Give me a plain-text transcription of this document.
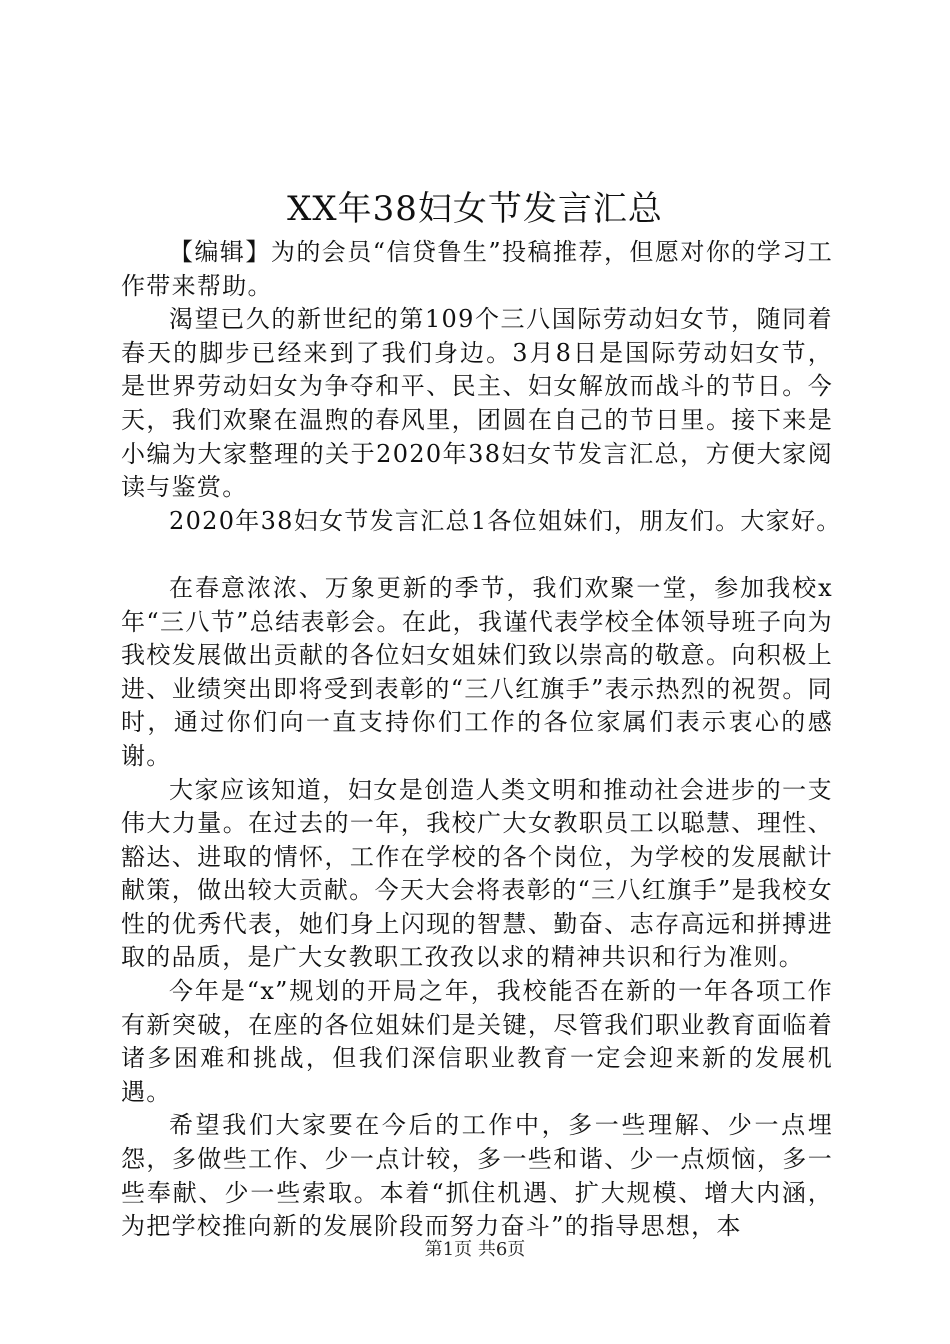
XX年38妇女节发言汇总

【编辑】为的会员“信贷鲁生”投稿推荐，但愿对你的学习工作带来帮助。

渴望已久的新世纪的第109个三八国际劳动妇女节，随同着春天的脚步已经来到了我们身边。3月8日是国际劳动妇女节，是世界劳动妇女为争夺和平、民主、妇女解放而战斗的节日。今天，我们欢聚在温煦的春风里，团圆在自己的节日里。接下来是小编为大家整理的关于2020年38妇女节发言汇总，方便大家阅读与鉴赏。

2020年38妇女节发言汇总1各位姐妹们，朋友们。大家好。

在春意浓浓、万象更新的季节，我们欢聚一堂，参加我校x年“三八节”总结表彰会。在此，我谨代表学校全体领导班子向为我校发展做出贡献的各位妇女姐妹们致以崇高的敬意。向积极上进、业绩突出即将受到表彰的“三八红旗手”表示热烈的祝贺。同时，通过你们向一直支持你们工作的各位家属们表示衷心的感谢。

大家应该知道，妇女是创造人类文明和推动社会进步的一支伟大力量。在过去的一年，我校广大女教职员工以聪慧、理性、豁达、进取的情怀，工作在学校的各个岗位，为学校的发展献计献策，做出较大贡献。今天大会将表彰的“三八红旗手”是我校女性的优秀代表，她们身上闪现的智慧、勤奋、志存高远和拼搏进取的品质，是广大女教职工孜孜以求的精神共识和行为准则。

今年是“x”规划的开局之年，我校能否在新的一年各项工作有新突破，在座的各位姐妹们是关键，尽管我们职业教育面临着诸多困难和挑战，但我们深信职业教育一定会迎来新的发展机遇。

希望我们大家要在今后的工作中，多一些理解、少一点埋怨，多做些工作、少一点计较，多一些和谐、少一点烦恼，多一些奉献、少一些索取。本着“抓住机遇、扩大规模、增大内涵，为把学校推向新的发展阶段而努力奋斗”的指导思想，本

第1页 共6页
